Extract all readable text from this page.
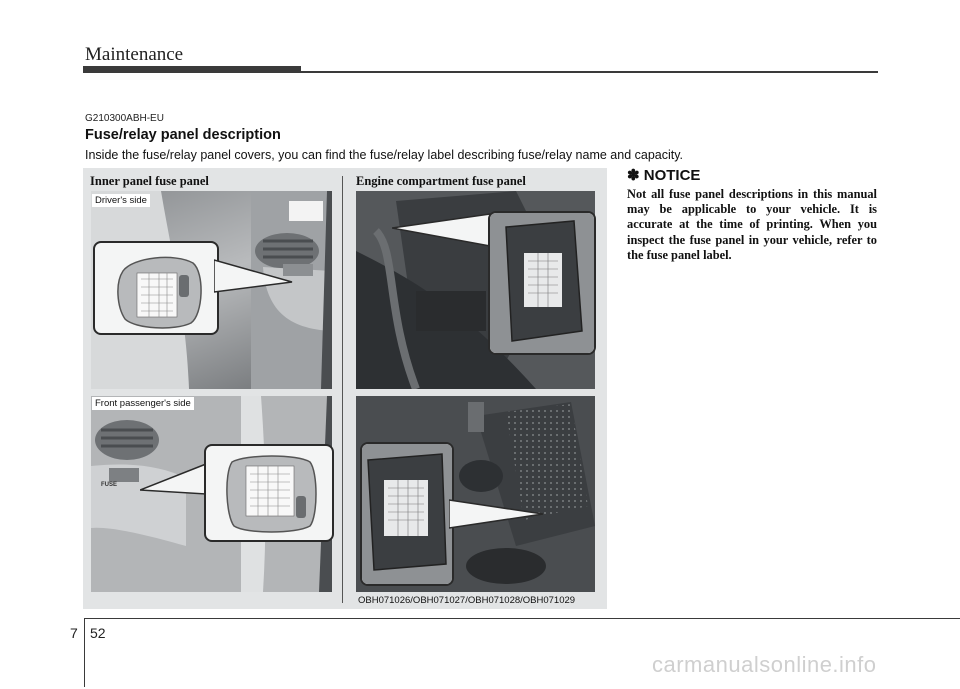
Maintenance
G210300ABH-EU
Fuse/relay panel description
Inside the fuse/relay panel covers, you can find the fuse/relay label describing fuse/relay name and capacity.
Inner panel fuse panel	Engine compartment fuse panel
Driver's side
Front passenger's side
FUSE
OBH071026/OBH071027/OBH071028/OBH071029
✽ NOTICE
Not all fuse panel descriptions in this manual may be applicable to your vehicle. It is accurate at the time of printing. When you inspect the fuse panel in your vehicle, refer to the fuse panel label.
7 52
carmanualsonline.info
